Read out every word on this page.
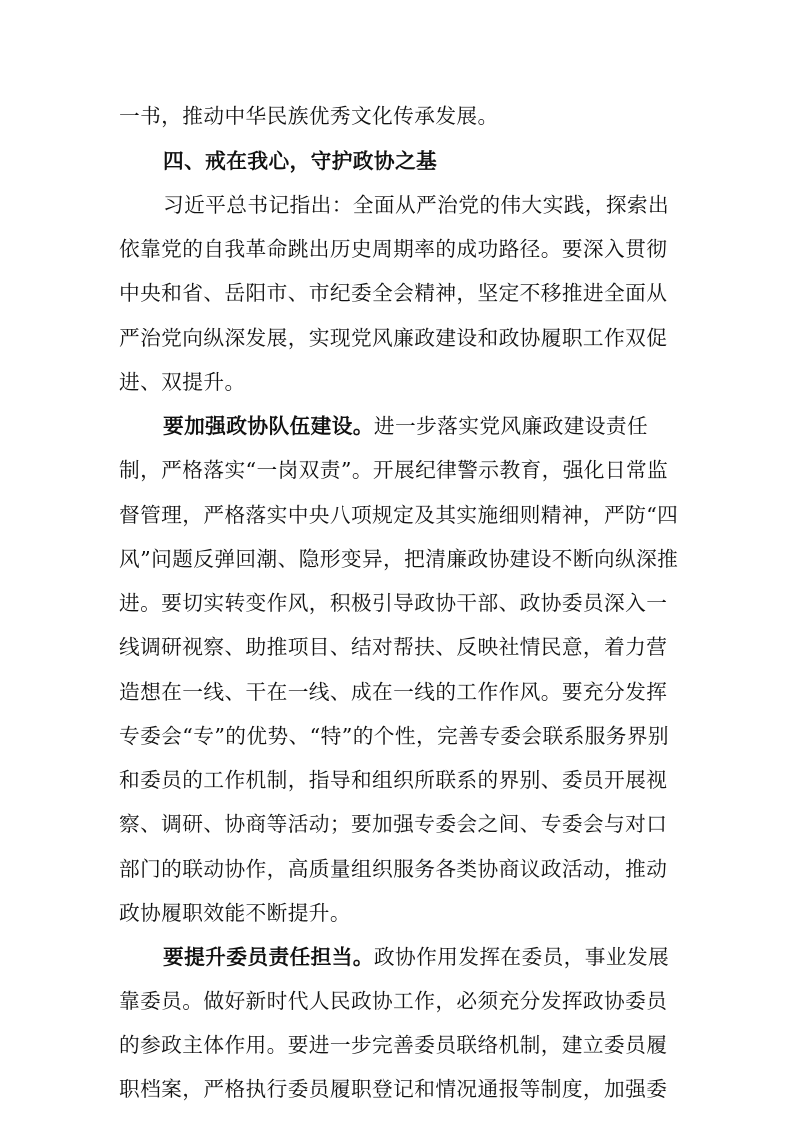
一书，推动中华民族优秀文化传承发展。
四、戒在我心，守护政协之基
习近平总书记指出：全面从严治党的伟大实践，探索出
依靠党的自我革命跳出历史周期率的成功路径。要深入贯彻
中央和省、岳阳市、市纪委全会精神，坚定不移推进全面从
严治党向纵深发展，实现党风廉政建设和政协履职工作双促
进、双提升。
要加强政协队伍建设。进一步落实党风廉政建设责任
制，严格落实“一岗双责”。开展纪律警示教育，强化日常监
督管理，严格落实中央八项规定及其实施细则精神，严防“四
风”问题反弹回潮、隐形变异，把清廉政协建设不断向纵深推
进。要切实转变作风，积极引导政协干部、政协委员深入一
线调研视察、助推项目、结对帮扶、反映社情民意，着力营
造想在一线、干在一线、成在一线的工作作风。要充分发挥
专委会“专”的优势、“特”的个性，完善专委会联系服务界别
和委员的工作机制，指导和组织所联系的界别、委员开展视
察、调研、协商等活动；要加强专委会之间、专委会与对口
部门的联动协作，高质量组织服务各类协商议政活动，推动
政协履职效能不断提升。
要提升委员责任担当。政协作用发挥在委员，事业发展
靠委员。做好新时代人民政协工作，必须充分发挥政协委员
的参政主体作用。要进一步完善委员联络机制，建立委员履
职档案，严格执行委员履职登记和情况通报等制度，加强委
